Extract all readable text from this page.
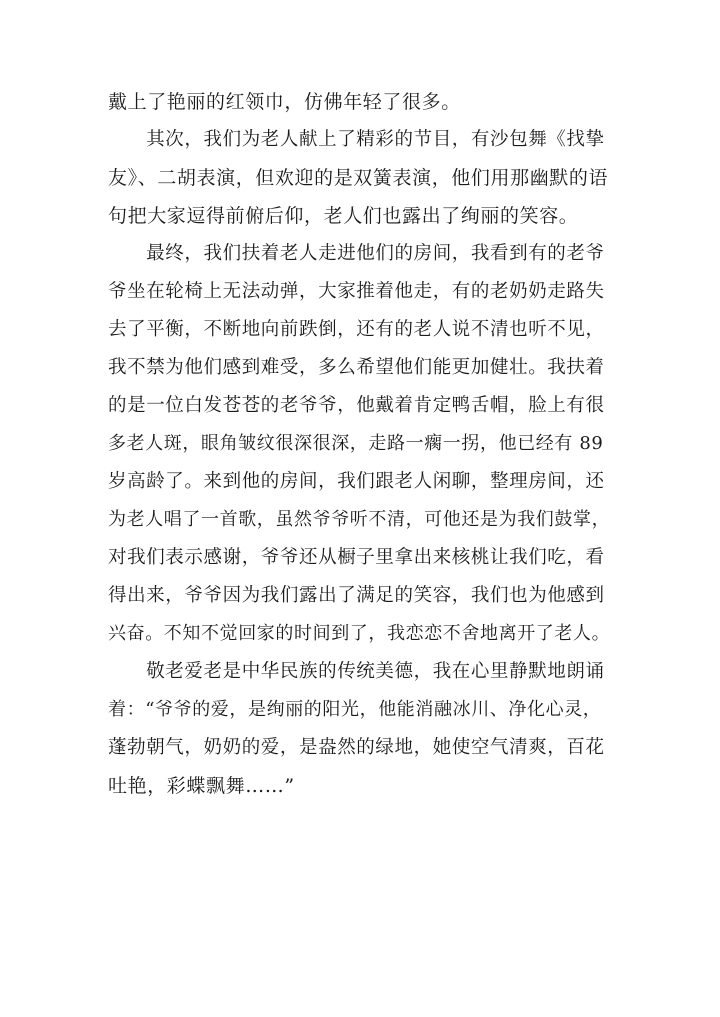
戴上了艳丽的红领巾，仿佛年轻了很多。
　　其次，我们为老人献上了精彩的节目，有沙包舞《找挚
友》、二胡表演，但欢迎的是双簧表演，他们用那幽默的语
句把大家逗得前俯后仰，老人们也露出了绚丽的笑容。
　　最终，我们扶着老人走进他们的房间，我看到有的老爷
爷坐在轮椅上无法动弹，大家推着他走，有的老奶奶走路失
去了平衡，不断地向前跌倒，还有的老人说不清也听不见，
我不禁为他们感到难受，多么希望他们能更加健壮。我扶着
的是一位白发苍苍的老爷爷，他戴着肯定鸭舌帽，脸上有很
多老人斑，眼角皱纹很深很深，走路一瘸一拐，他已经有 89
岁高龄了。来到他的房间，我们跟老人闲聊，整理房间，还
为老人唱了一首歌，虽然爷爷听不清，可他还是为我们鼓掌，
对我们表示感谢，爷爷还从橱子里拿出来核桃让我们吃，看
得出来，爷爷因为我们露出了满足的笑容，我们也为他感到
兴奋。不知不觉回家的时间到了，我恋恋不舍地离开了老人。
　　敬老爱老是中华民族的传统美德，我在心里静默地朗诵
着：“爷爷的爱，是绚丽的阳光，他能消融冰川、净化心灵，
蓬勃朝气，奶奶的爱，是盎然的绿地，她使空气清爽，百花
吐艳，彩蝶飘舞……”
